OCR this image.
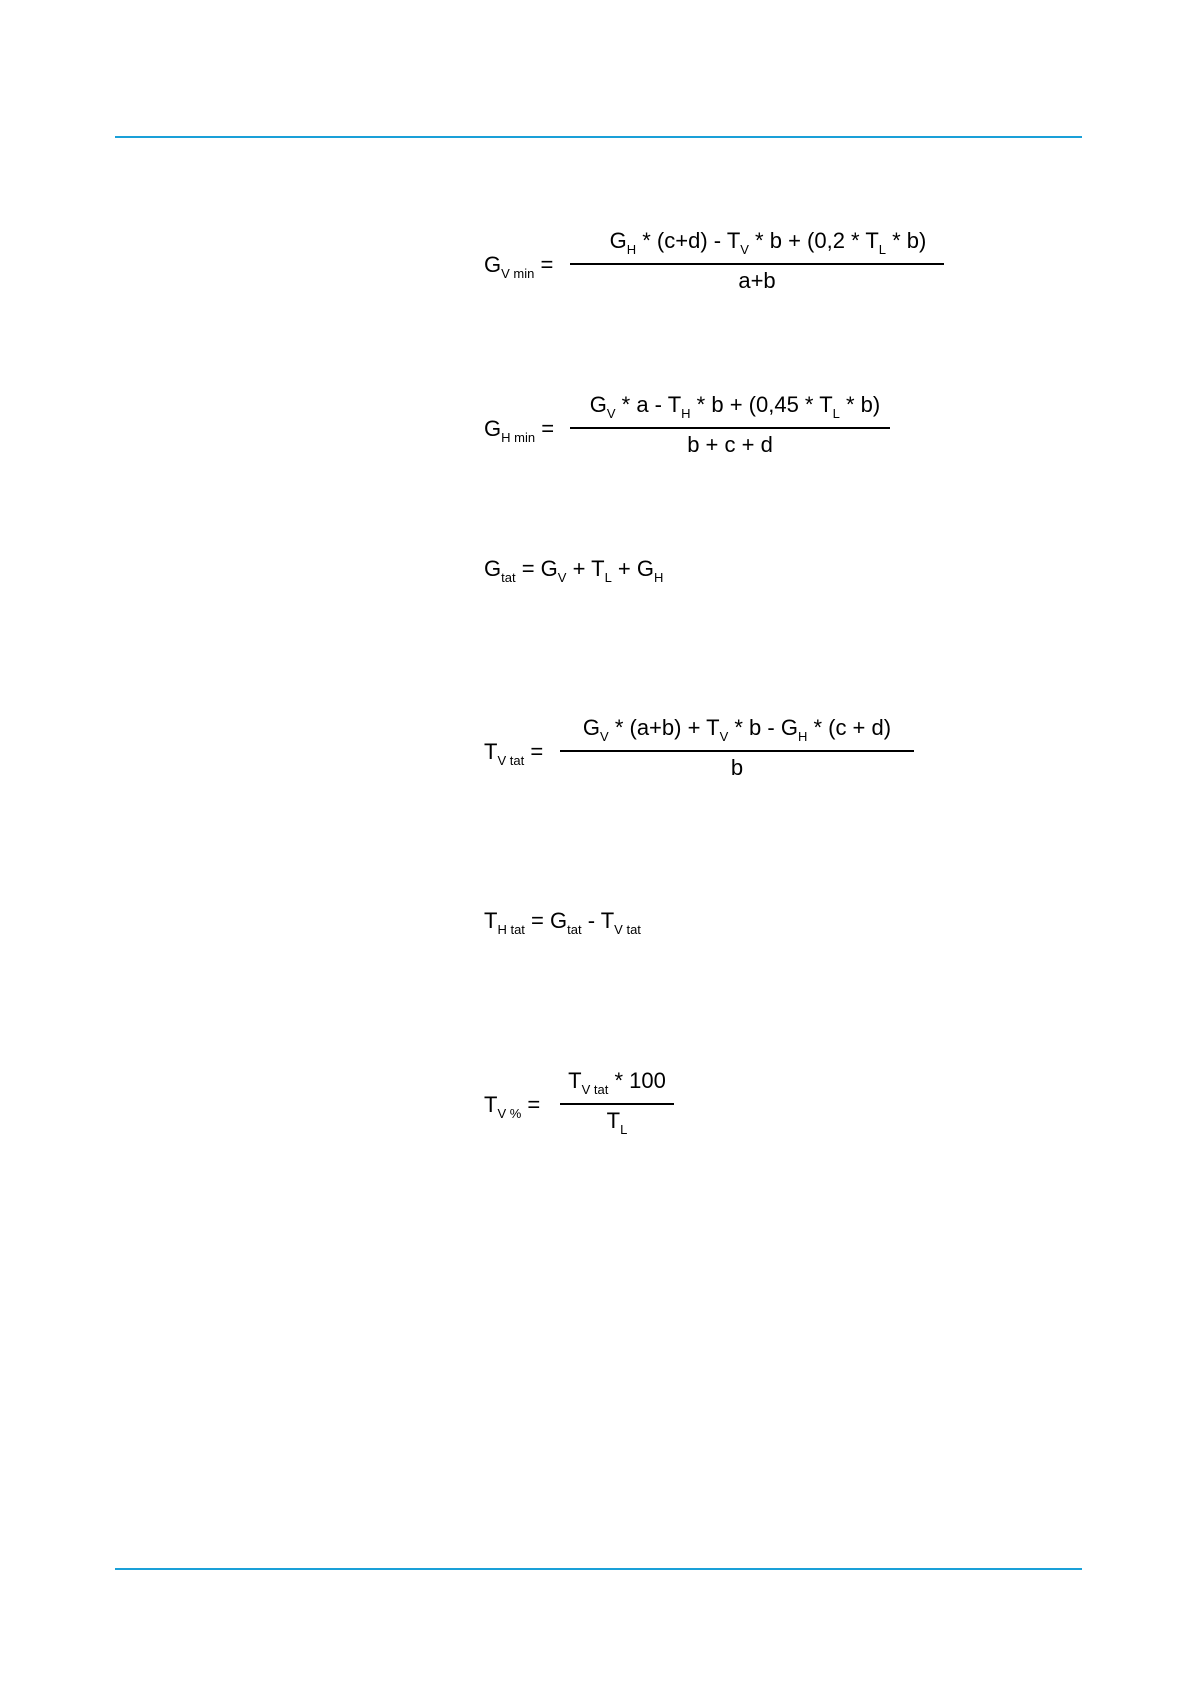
$G_{V min}$ =
$G_H * (c+d) - T_V * b + (0,2 * T_L * b)$
a+b
$G_{H min}$ =
$G_V * a - T_H * b + (0,45 * T_L * b)$
b + c + d
$G_{tat} = G_V + T_L + G_H$
$T_{V tat}$ =
$G_V * (a+b) + T_V * b - G_H * (c + d)$
b
$T_{H tat} = G_{tat} - T_{V tat}$
$T_{V \%}$ =
$T_{V tat} * 100$
$T_L$
